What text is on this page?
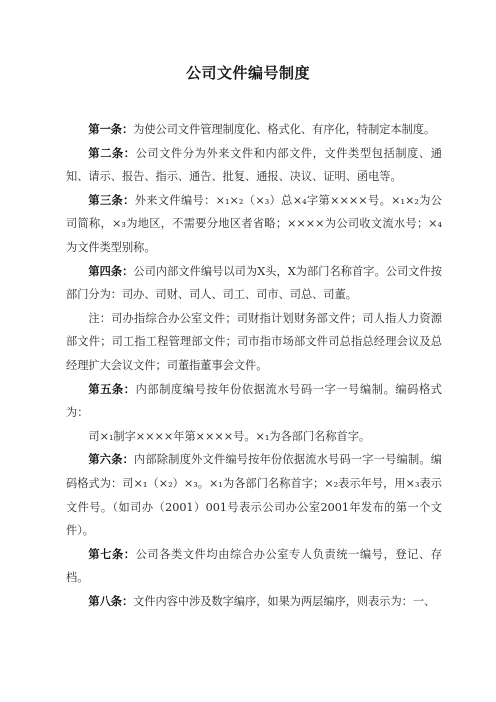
公司文件编号制度

第一条：为使公司文件管理制度化、格式化、有序化，特制定本制度。

第二条：公司文件分为外来文件和内部文件，文件类型包括制度、通知、请示、报告、指示、通告、批复、通报、决议、证明、函电等。

第三条：外来文件编号：×₁×₂（×₃）总×₄字第××××号。×₁×₂为公司简称，×₃为地区，不需要分地区者省略；××××为公司收文流水号；×₄为文件类型别称。

第四条：公司内部文件编号以司为X头，X为部门名称首字。公司文件按部门分为：司办、司财、司人、司工、司市、司总、司董。

注：司办指综合办公室文件；司财指计划财务部文件；司人指人力资源部文件；司工指工程管理部文件；司市指市场部文件司总指总经理会议及总经理扩大会议文件；司董指董事会文件。

第五条：内部制度编号按年份依据流水号码一字一号编制。编码格式为：

司×₁制字××××年第××××号。×₁为各部门名称首字。

第六条：内部除制度外文件编号按年份依据流水号码一字一号编制。编码格式为：司×₁（×₂）×₃。×₁为各部门名称首字；×₂表示年号，用×₃表示文件号。（如司办（2001）001号表示公司办公室2001年发布的第一个文件）。

第七条：公司各类文件均由综合办公室专人负责统一编号，登记、存档。

第八条：文件内容中涉及数字编序，如果为两层编序，则表示为：一、
